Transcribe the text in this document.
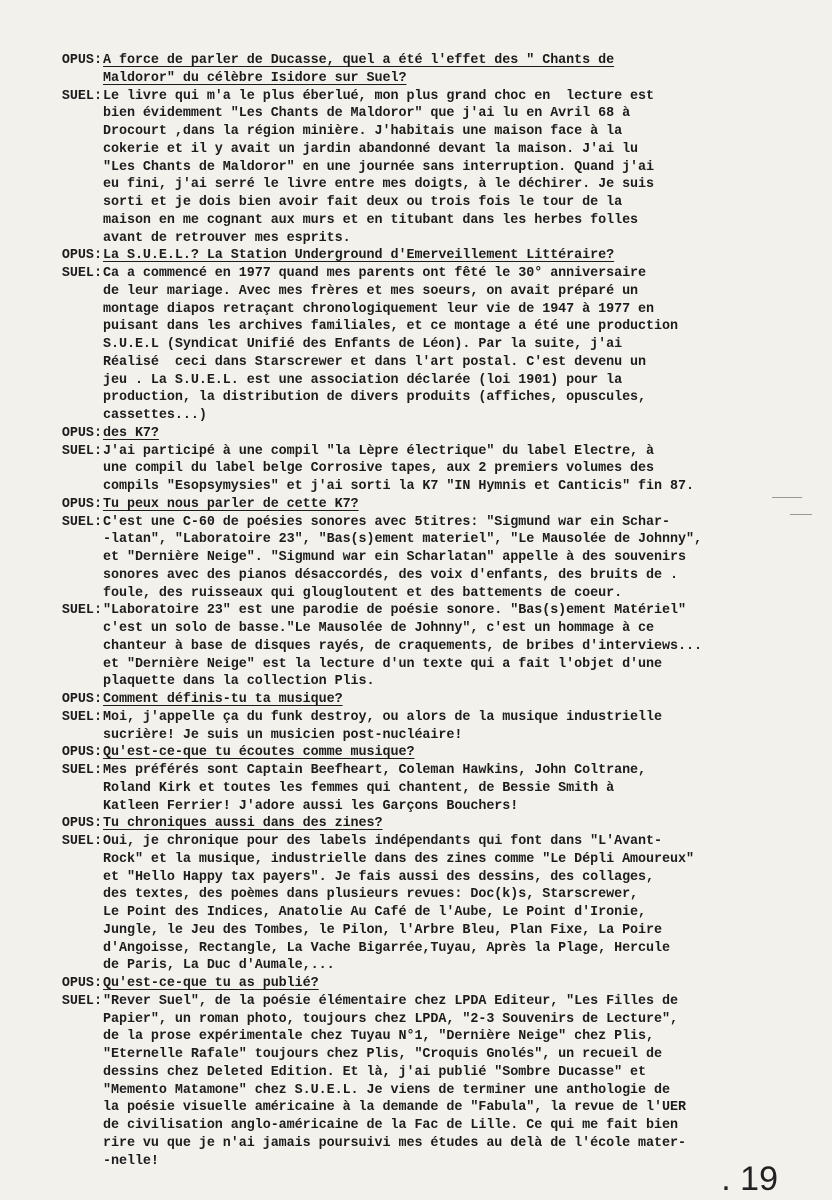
OPUS: A force de parler de Ducasse, quel a été l'effet des " Chants de
Maldoror" du célèbre Isidore sur Suel?
SUEL: Le livre qui m'a le plus éberlué, mon plus grand choc en  lecture est
bien évidemment "Les Chants de Maldoror" que j'ai lu en Avril 68 à
Drocourt ,dans la région minière. J'habitais une maison face à la
cokerie et il y avait un jardin abandonné devant la maison. J'ai lu
"Les Chants de Maldoror" en une journée sans interruption. Quand j'ai
eu fini, j'ai serré le livre entre mes doigts, à le déchirer. Je suis
sorti et je dois bien avoir fait deux ou trois fois le tour de la
maison en me cognant aux murs et en titubant dans les herbes folles
avant de retrouver mes esprits.
OPUS: La S.U.E.L.? La Station Underground d'Emerveillement Littéraire?
SUEL: Ca a commencé en 1977 quand mes parents ont fêté le 30° anniversaire
de leur mariage. Avec mes frères et mes soeurs, on avait préparé un
montage diapos retraçant chronologiquement leur vie de 1947 à 1977 en
puisant dans les archives familiales, et ce montage a été une production
S.U.E.L (Syndicat Unifié des Enfants de Léon). Par la suite, j'ai
Réalisé  ceci dans Starscrewer et dans l'art postal. C'est devenu un
jeu . La S.U.E.L. est une association déclarée (loi 1901) pour la
production, la distribution de divers produits (affiches, opuscules,
cassettes...)
OPUS: des K7?
SUEL: J'ai participé à une compil "la Lèpre électrique" du label Electre, à
une compil du label belge Corrosive tapes, aux 2 premiers volumes des
compils "Esopsymysies" et j'ai sorti la K7 "IN Hymnis et Canticis" fin 87.
OPUS: Tu peux nous parler de cette K7?
SUEL: C'est une C-60 de poésies sonores avec 5titres: "Sigmund war ein Schar-
-latan", "Laboratoire 23", "Bas(s)ement materiel", "Le Mausolée de Johnny",
et "Dernière Neige". "Sigmund war ein Scharlatan" appelle à des souvenirs
sonores avec des pianos désaccordés, des voix d'enfants, des bruits de .
foule, des ruisseaux qui glougloutent et des battements de coeur.
SUEL: "Laboratoire 23" est une parodie de poésie sonore. "Bas(s)ement Matériel"
c'est un solo de basse."Le Mausolée de Johnny", c'est un hommage à ce
chanteur à base de disques rayés, de craquements, de bribes d'interviews...
et "Dernière Neige" est la lecture d'un texte qui a fait l'objet d'une
plaquette dans la collection Plis.
OPUS: Comment définis-tu ta musique?
SUEL: Moi, j'appelle ça du funk destroy, ou alors de la musique industrielle
sucrière! Je suis un musicien post-nucléaire!
OPUS: Qu'est-ce-que tu écoutes comme musique?
SUEL: Mes préférés sont Captain Beefheart, Coleman Hawkins, John Coltrane,
Roland Kirk et toutes les femmes qui chantent, de Bessie Smith à
Katleen Ferrier! J'adore aussi les Garçons Bouchers!
OPUS: Tu chroniques aussi dans des zines?
SUEL: Oui, je chronique pour des labels indépendants qui font dans "L'Avant-
Rock" et la musique, industrielle dans des zines comme "Le Dépli Amoureux"
et "Hello Happy tax payers". Je fais aussi des dessins, des collages,
des textes, des poèmes dans plusieurs revues: Doc(k)s, Starscrewer,
Le Point des Indices, Anatolie Au Café de l'Aube, Le Point d'Ironie,
Jungle, le Jeu des Tombes, le Pilon, l'Arbre Bleu, Plan Fixe, La Poire
d'Angoisse, Rectangle, La Vache Bigarrée,Tuyau, Après la Plage, Hercule
de Paris, La Duc d'Aumale,...
OPUS: Qu'est-ce-que tu as publié?
SUEL: "Rever Suel", de la poésie élémentaire chez LPDA Editeur, "Les Filles de
Papier", un roman photo, toujours chez LPDA, "2-3 Souvenirs de Lecture",
de la prose expérimentale chez Tuyau N°1, "Dernière Neige" chez Plis,
"Eternelle Rafale" toujours chez Plis, "Croquis Gnolés", un recueil de
dessins chez Deleted Edition. Et là, j'ai publié "Sombre Ducasse" et
"Memento Matamone" chez S.U.E.L. Je viens de terminer une anthologie de
la poésie visuelle américaine à la demande de "Fabula", la revue de l'UER
de civilisation anglo-américaine de la Fac de Lille. Ce qui me fait bien
rire vu que je n'ai jamais poursuivi mes études au delà de l'école mater-
-nelle!	. 19
